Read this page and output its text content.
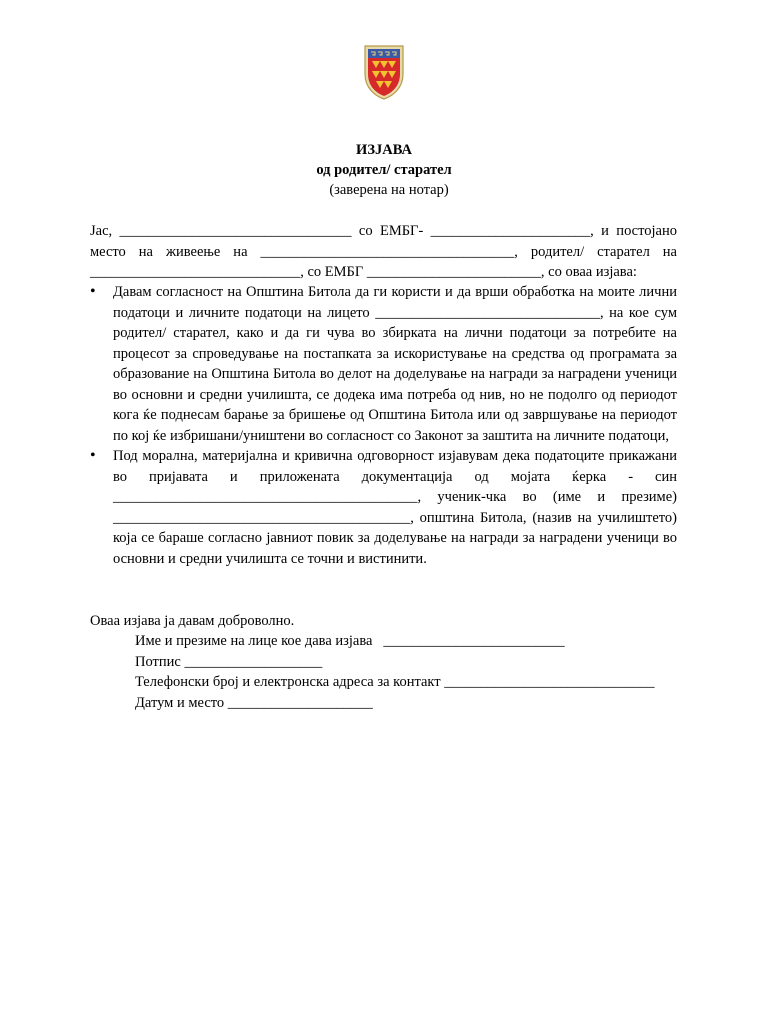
ИЗЈАВА
од родител/ старател
(заверена на нотар)
Јас, ________________________________ со ЕМБГ- ______________________, и постојано место на живеење на ___________________________________, родител/ старател на _____________________________, со ЕМБГ ________________________, со оваа изјава:
• Давам согласност на Општина Битола да ги користи и да врши обработка на моите лични податоци и личните податоци на лицето _______________________________, на кое сум родител/ старател, како и да ги чува во збирката на лични податоци за потребите на процесот за спроведување на постапката за искористување на средства од програмата за образование на Општина Битола во делот на доделување на награди за наградени ученици во основни и средни училишта, се додека има потреба од нив, но не подолго од периодот кога ќе поднесам барање за бришење од Општина Битола или од завршување на периодот по кој ќе избришани/уништени во согласност со Законот за заштита на личните податоци,
• Под морална, материјална и кривична одговорност изјавувам дека податоците прикажани во пријавата и приложената документација од мојата ќерка - син __________________________________________, ученик-чка во (име и презиме) _________________________________________, општина Битола, (назив на училиштето) која се бараше согласно јавниот повик за доделување на награди за наградени ученици во основни и средни училишта се точни и вистинити.
Оваа изјава ја давам доброволно.
Име и презиме на лице кое дава изјава   _________________________
Потпис ___________________
Телефонски број и електронска адреса за контакт _____________________________
Датум и место ____________________
